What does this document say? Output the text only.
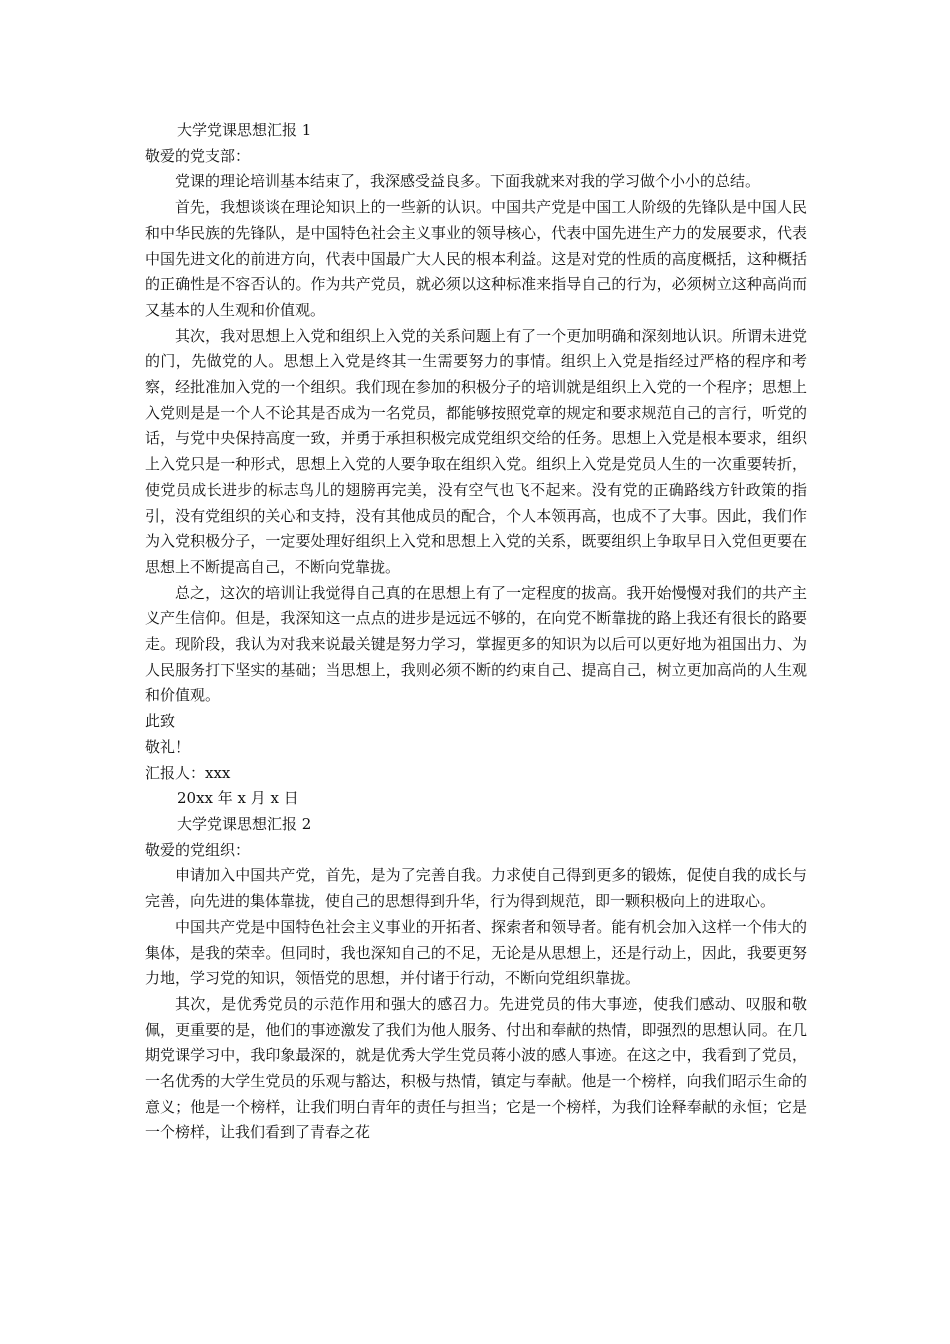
大学党课思想汇报 1
敬爱的党支部：

党课的理论培训基本结束了，我深感受益良多。下面我就来对我的学习做个小小的总结。

首先，我想谈谈在理论知识上的一些新的认识。中国共产党是中国工人阶级的先锋队是中国人民和中华民族的先锋队，是中国特色社会主义事业的领导核心，代表中国先进生产力的发展要求，代表中国先进文化的前进方向，代表中国最广大人民的根本利益。这是对党的性质的高度概括，这种概括的正确性是不容否认的。作为共产党员，就必须以这种标准来指导自己的行为，必须树立这种高尚而又基本的人生观和价值观。

其次，我对思想上入党和组织上入党的关系问题上有了一个更加明确和深刻地认识。所谓未进党的门，先做党的人。思想上入党是终其一生需要努力的事情。组织上入党是指经过严格的程序和考察，经批准加入党的一个组织。我们现在参加的积极分子的培训就是组织上入党的一个程序；思想上入党则是是一个人不论其是否成为一名党员，都能够按照党章的规定和要求规范自己的言行，听党的话，与党中央保持高度一致，并勇于承担积极完成党组织交给的任务。思想上入党是根本要求，组织上入党只是一种形式，思想上入党的人要争取在组织入党。组织上入党是党员人生的一次重要转折，使党员成长进步的标志鸟儿的翅膀再完美，没有空气也飞不起来。没有党的正确路线方针政策的指引，没有党组织的关心和支持，没有其他成员的配合，个人本领再高，也成不了大事。因此，我们作为入党积极分子，一定要处理好组织上入党和思想上入党的关系，既要组织上争取早日入党但更要在思想上不断提高自己，不断向党靠拢。

总之，这次的培训让我觉得自己真的在思想上有了一定程度的拔高。我开始慢慢对我们的共产主义产生信仰。但是，我深知这一点点的进步是远远不够的，在向党不断靠拢的路上我还有很长的路要走。现阶段，我认为对我来说最关键是努力学习，掌握更多的知识为以后可以更好地为祖国出力、为人民服务打下坚实的基础；当思想上，我则必须不断的约束自己、提高自己，树立更加高尚的人生观和价值观。

此致
敬礼！
汇报人：xxx
20xx 年 x 月 x 日
大学党课思想汇报 2
敬爱的党组织：

申请加入中国共产党，首先，是为了完善自我。力求使自己得到更多的锻炼，促使自我的成长与完善，向先进的集体靠拢，使自己的思想得到升华，行为得到规范，即一颗积极向上的进取心。

中国共产党是中国特色社会主义事业的开拓者、探索者和领导者。能有机会加入这样一个伟大的集体，是我的荣幸。但同时，我也深知自己的不足，无论是从思想上，还是行动上，因此，我要更努力地，学习党的知识，领悟党的思想，并付诸于行动，不断向党组织靠拢。

其次，是优秀党员的示范作用和强大的感召力。先进党员的伟大事迹，使我们感动、叹服和敬佩，更重要的是，他们的事迹激发了我们为他人服务、付出和奉献的热情，即强烈的思想认同。在几期党课学习中，我印象最深的，就是优秀大学生党员蒋小波的感人事迹。在这之中，我看到了党员，一名优秀的大学生党员的乐观与豁达，积极与热情，镇定与奉献。他是一个榜样，向我们昭示生命的意义；他是一个榜样，让我们明白青年的责任与担当；它是一个榜样，为我们诠释奉献的永恒；它是一个榜样，让我们看到了青春之花
